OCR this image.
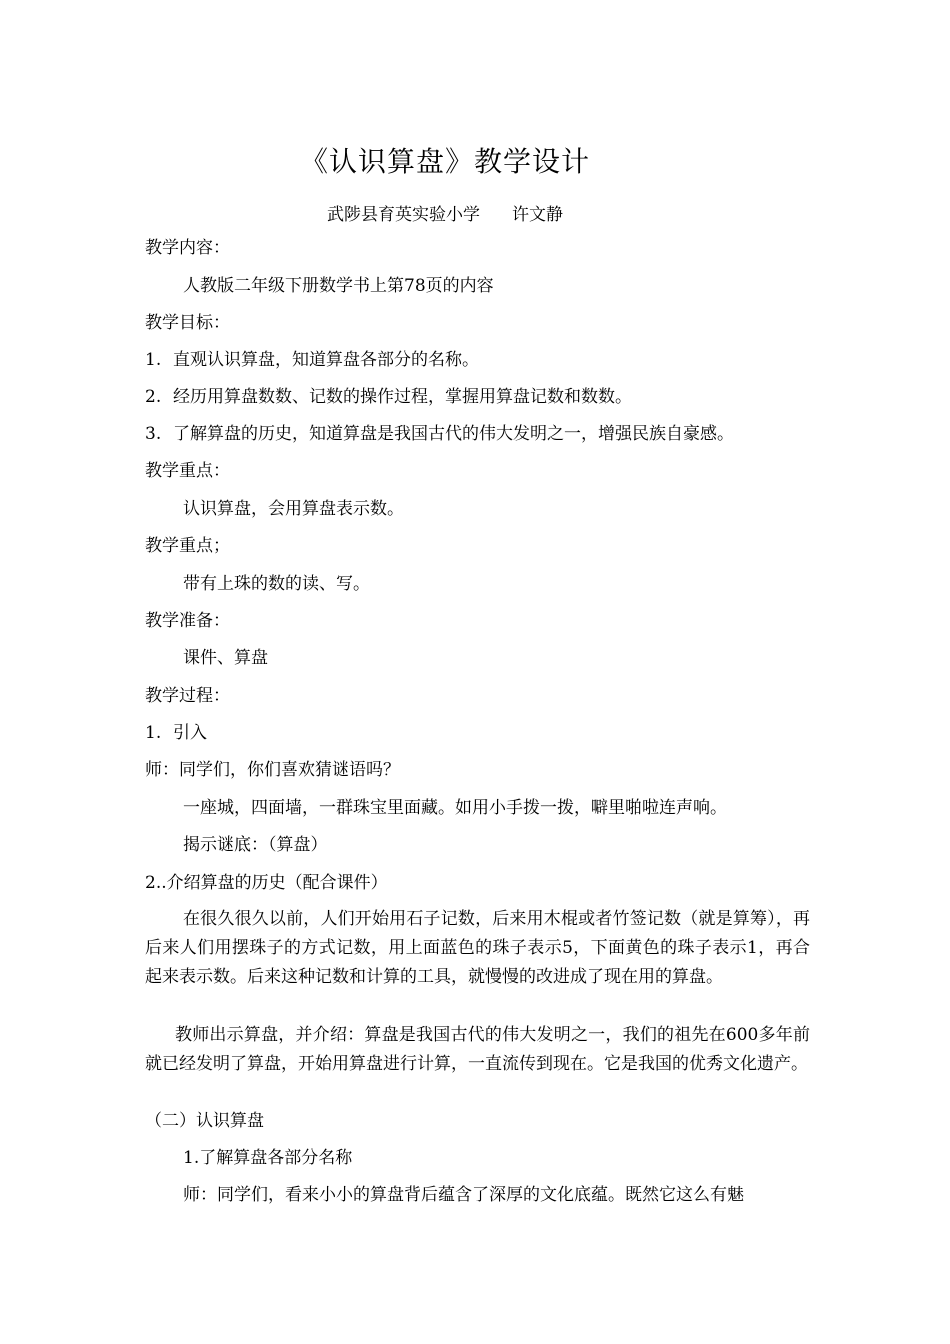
《认识算盘》教学设计
武陟县育英实验小学 许文静
教学内容：
人教版二年级下册数学书上第78页的内容
教学目标：
1. 直观认识算盘，知道算盘各部分的名称。
2. 经历用算盘数数、记数的操作过程，掌握用算盘记数和数数。
3. 了解算盘的历史，知道算盘是我国古代的伟大发明之一，增强民族自豪感。
教学重点：
认识算盘，会用算盘表示数。
教学重点；
带有上珠的数的读、写。
教学准备：
课件、算盘
教学过程：
1. 引入
师：同学们，你们喜欢猜谜语吗？
一座城，四面墙，一群珠宝里面藏。如用小手拨一拨，噼里啪啦连声响。
揭示谜底：（算盘）
2..介绍算盘的历史（配合课件）
在很久很久以前，人们开始用石子记数，后来用木棍或者竹签记数（就是算筹），再后来人们用摆珠子的方式记数，用上面蓝色的珠子表示5，下面黄色的珠子表示1，再合起来表示数。后来这种记数和计算的工具，就慢慢的改进成了现在用的算盘。
教师出示算盘，并介绍：算盘是我国古代的伟大发明之一，我们的祖先在600多年前就已经发明了算盘，开始用算盘进行计算，一直流传到现在。它是我国的优秀文化遗产。
（二）认识算盘
1.了解算盘各部分名称
师：同学们，看来小小的算盘背后蕴含了深厚的文化底蕴。既然它这么有魅
